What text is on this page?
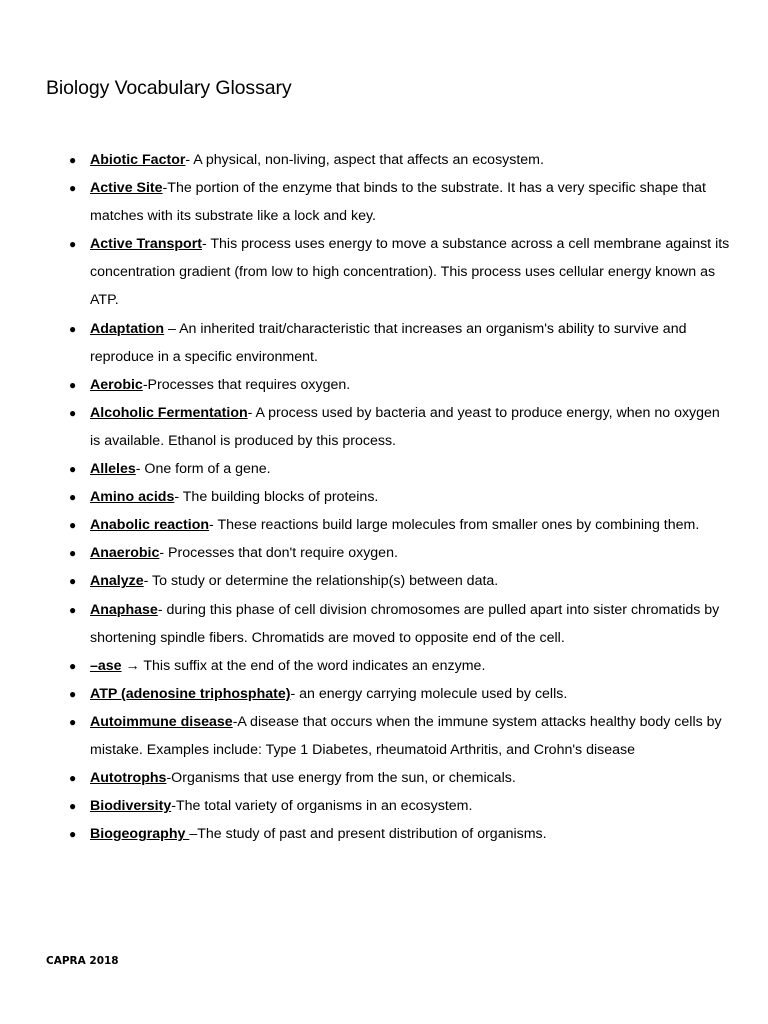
Biology Vocabulary Glossary
● Abiotic Factor- A physical, non-living, aspect that affects an ecosystem.
● Active Site-The portion of the enzyme that binds to the substrate. It has a very specific shape that matches with its substrate like a lock and key.
● Active Transport- This process uses energy to move a substance across a cell membrane against its concentration gradient (from low to high concentration). This process uses cellular energy known as ATP.
● Adaptation – An inherited trait/characteristic that increases an organism's ability to survive and reproduce in a specific environment.
● Aerobic-Processes that requires oxygen.
● Alcoholic Fermentation- A process used by bacteria and yeast to produce energy, when no oxygen is available. Ethanol is produced by this process.
● Alleles- One form of a gene.
● Amino acids- The building blocks of proteins.
● Anabolic reaction- These reactions build large molecules from smaller ones by combining them.
● Anaerobic- Processes that don't require oxygen.
● Analyze- To study or determine the relationship(s) between data.
● Anaphase- during this phase of cell division chromosomes are pulled apart into sister chromatids by shortening spindle fibers. Chromatids are moved to opposite end of the cell.
● –ase → This suffix at the end of the word indicates an enzyme.
● ATP (adenosine triphosphate)- an energy carrying molecule used by cells.
● Autoimmune disease-A disease that occurs when the immune system attacks healthy body cells by mistake. Examples include: Type 1 Diabetes, rheumatoid Arthritis, and Crohn's disease
● Autotrophs-Organisms that use energy from the sun, or chemicals.
● Biodiversity-The total variety of organisms in an ecosystem.
● Biogeography –The study of past and present distribution of organisms.
CAPRA 2018
